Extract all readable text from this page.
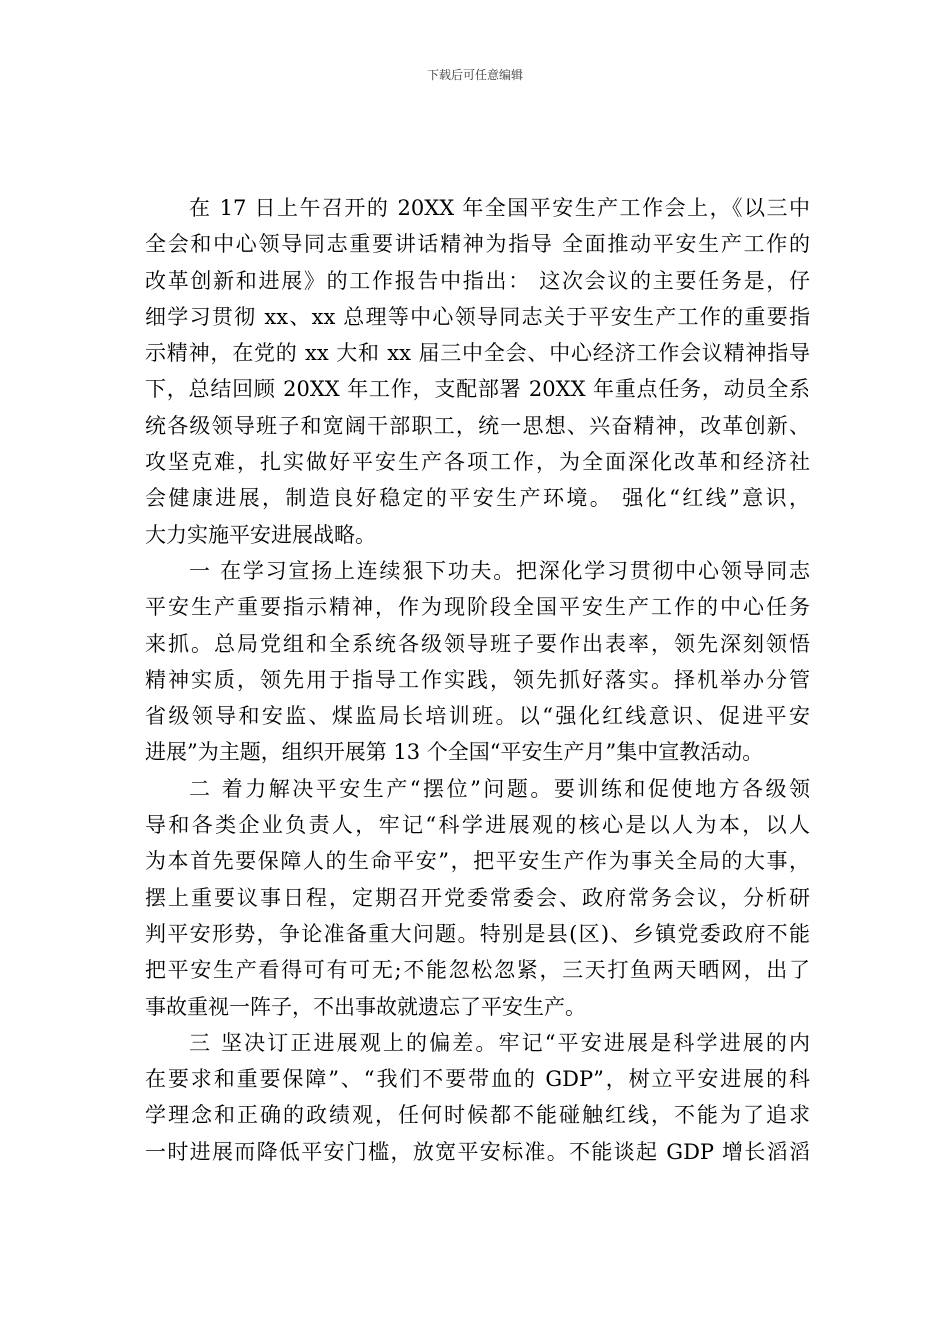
下载后可任意编辑
在 17 日上午召开的 20XX 年全国平安生产工作会上，《以三中
全会和中心领导同志重要讲话精神为指导 全面推动平安生产工作的
改革创新和进展》的工作报告中指出： 这次会议的主要任务是，仔
细学习贯彻 xx、xx 总理等中心领导同志关于平安生产工作的重要指
示精神，在党的 xx 大和 xx 届三中全会、中心经济工作会议精神指导
下，总结回顾 20XX 年工作，支配部署 20XX 年重点任务，动员全系
统各级领导班子和宽阔干部职工，统一思想、兴奋精神，改革创新、
攻坚克难，扎实做好平安生产各项工作，为全面深化改革和经济社
会健康进展，制造良好稳定的平安生产环境。 强化“红线”意识，
大力实施平安进展战略。
一 在学习宣扬上连续狠下功夫。把深化学习贯彻中心领导同志
平安生产重要指示精神，作为现阶段全国平安生产工作的中心任务
来抓。总局党组和全系统各级领导班子要作出表率，领先深刻领悟
精神实质，领先用于指导工作实践，领先抓好落实。择机举办分管
省级领导和安监、煤监局长培训班。以“强化红线意识、促进平安
进展”为主题，组织开展第 13 个全国“平安生产月”集中宣教活动。
二 着力解决平安生产“摆位”问题。要训练和促使地方各级领
导和各类企业负责人，牢记“科学进展观的核心是以人为本，以人
为本首先要保障人的生命平安”，把平安生产作为事关全局的大事，
摆上重要议事日程，定期召开党委常委会、政府常务会议，分析研
判平安形势，争论准备重大问题。特别是县(区)、乡镇党委政府不能
把平安生产看得可有可无;不能忽松忽紧，三天打鱼两天晒网，出了
事故重视一阵子，不出事故就遗忘了平安生产。
三 坚决订正进展观上的偏差。牢记“平安进展是科学进展的内
在要求和重要保障”、“我们不要带血的 GDP”，树立平安进展的科
学理念和正确的政绩观，任何时候都不能碰触红线，不能为了追求
一时进展而降低平安门槛，放宽平安标准。不能谈起 GDP 增长滔滔
